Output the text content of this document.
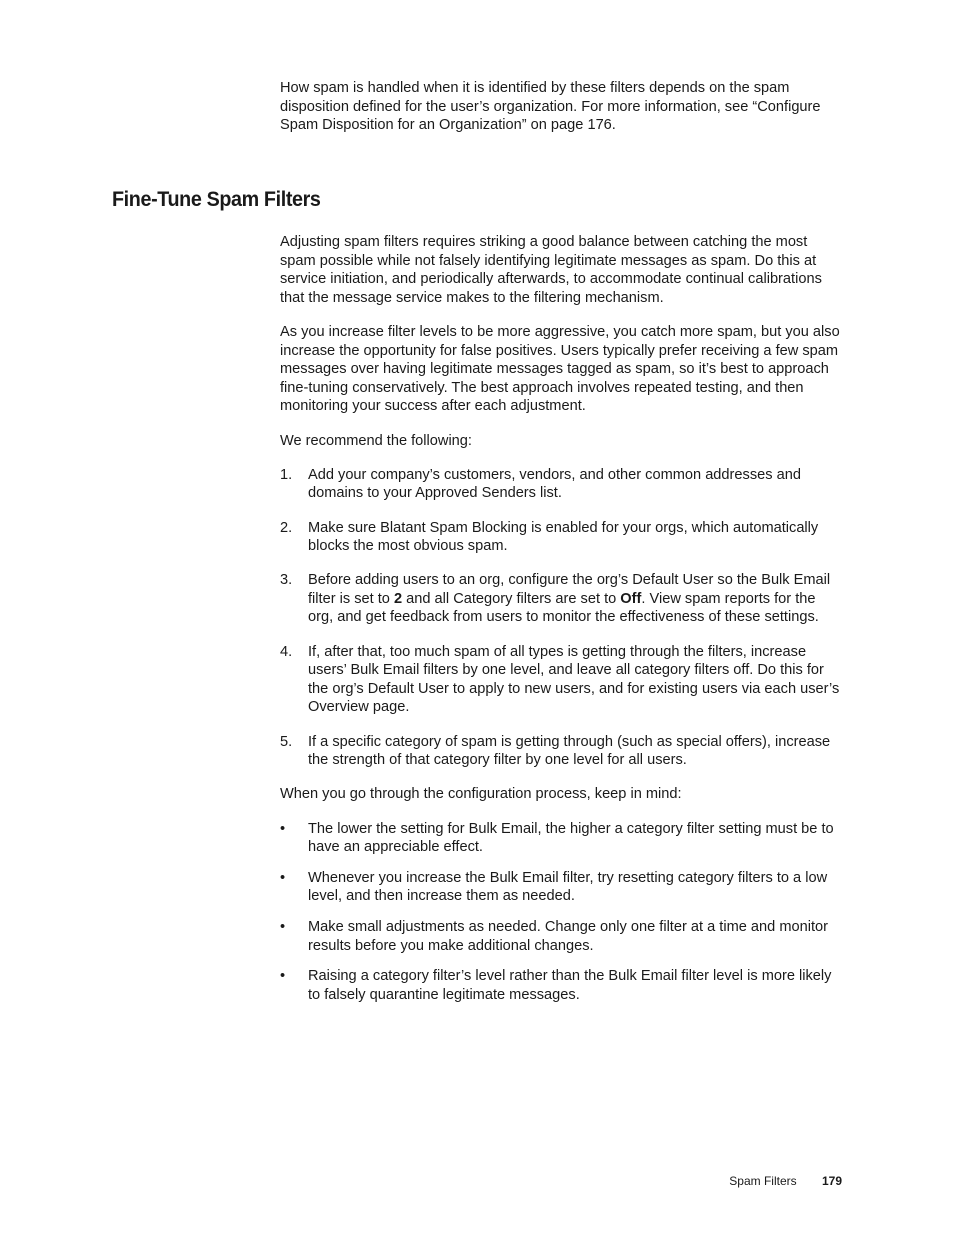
How spam is handled when it is identified by these filters depends on the spam disposition defined for the user’s organization. For more information, see “Configure Spam Disposition for an Organization” on page 176.

Fine-Tune Spam Filters

Adjusting spam filters requires striking a good balance between catching the most spam possible while not falsely identifying legitimate messages as spam. Do this at service initiation, and periodically afterwards, to accommodate continual calibrations that the message service makes to the filtering mechanism.

As you increase filter levels to be more aggressive, you catch more spam, but you also increase the opportunity for false positives. Users typically prefer receiving a few spam messages over having legitimate messages tagged as spam, so it’s best to approach fine-tuning conservatively. The best approach involves repeated testing, and then monitoring your success after each adjustment.

We recommend the following:

1. Add your company’s customers, vendors, and other common addresses and domains to your Approved Senders list.
2. Make sure Blatant Spam Blocking is enabled for your orgs, which automatically blocks the most obvious spam.
3. Before adding users to an org, configure the org’s Default User so the Bulk Email filter is set to 2 and all Category filters are set to Off. View spam reports for the org, and get feedback from users to monitor the effectiveness of these settings.
4. If, after that, too much spam of all types is getting through the filters, increase users’ Bulk Email filters by one level, and leave all category filters off. Do this for the org’s Default User to apply to new users, and for existing users via each user’s Overview page.
5. If a specific category of spam is getting through (such as special offers), increase the strength of that category filter by one level for all users.

When you go through the configuration process, keep in mind:

• The lower the setting for Bulk Email, the higher a category filter setting must be to have an appreciable effect.
• Whenever you increase the Bulk Email filter, try resetting category filters to a low level, and then increase them as needed.
• Make small adjustments as needed. Change only one filter at a time and monitor results before you make additional changes.
• Raising a category filter’s level rather than the Bulk Email filter level is more likely to falsely quarantine legitimate messages.
Spam Filters 179
